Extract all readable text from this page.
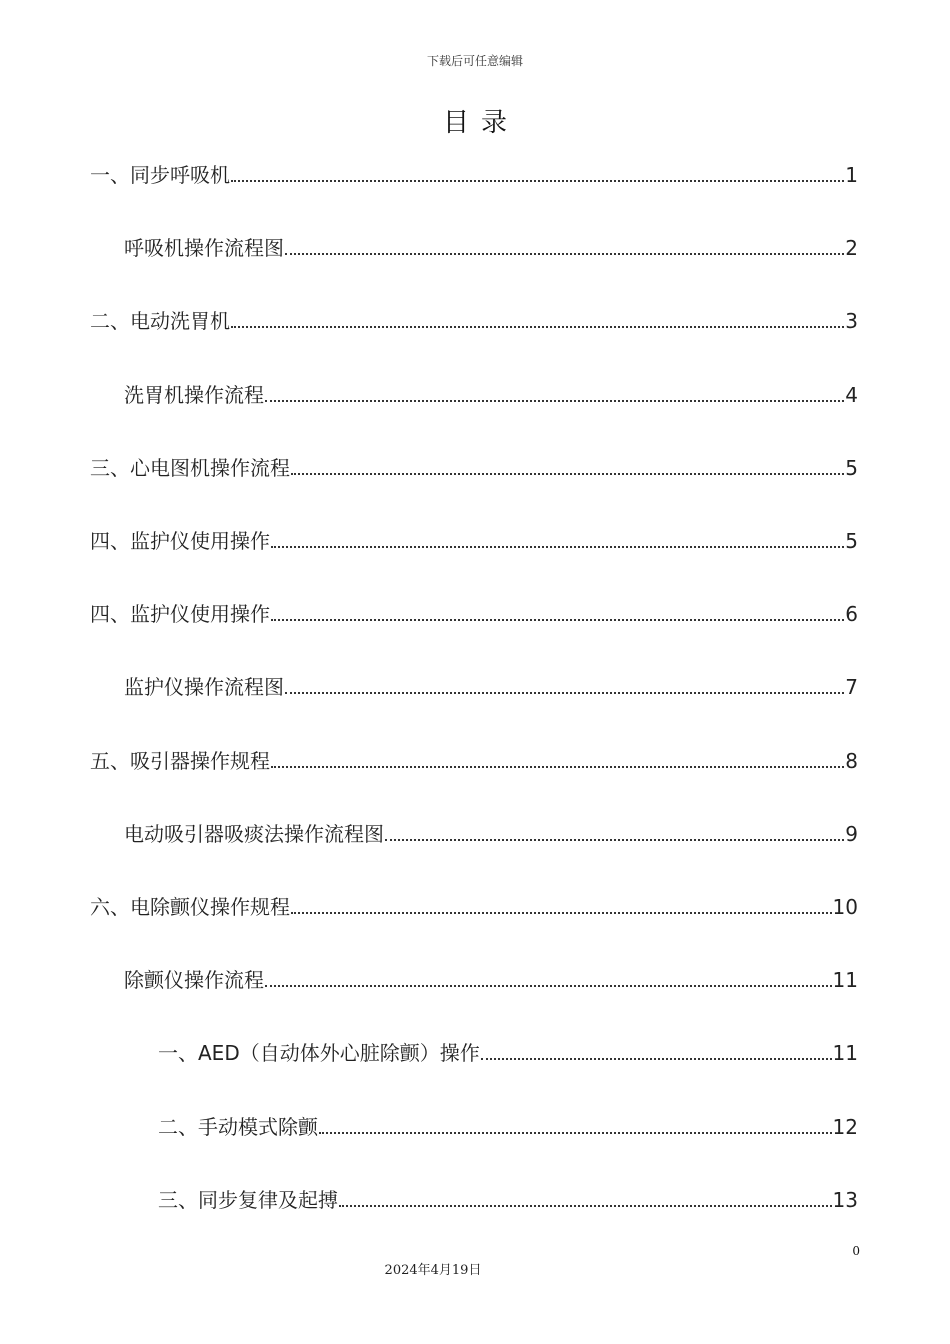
下载后可任意编辑
目录
一、同步呼吸机	1
呼吸机操作流程图	2
二、电动洗胃机	3
洗胃机操作流程	4
三、心电图机操作流程	5
四、监护仪使用操作	5
四、监护仪使用操作	6
监护仪操作流程图	7
五、吸引器操作规程	8
电动吸引器吸痰法操作流程图	9
六、电除颤仪操作规程	10
除颤仪操作流程	11
一、AED（自动体外心脏除颤）操作	11
二、手动模式除颤	12
三、同步复律及起搏	13
0
2024年4月19日
